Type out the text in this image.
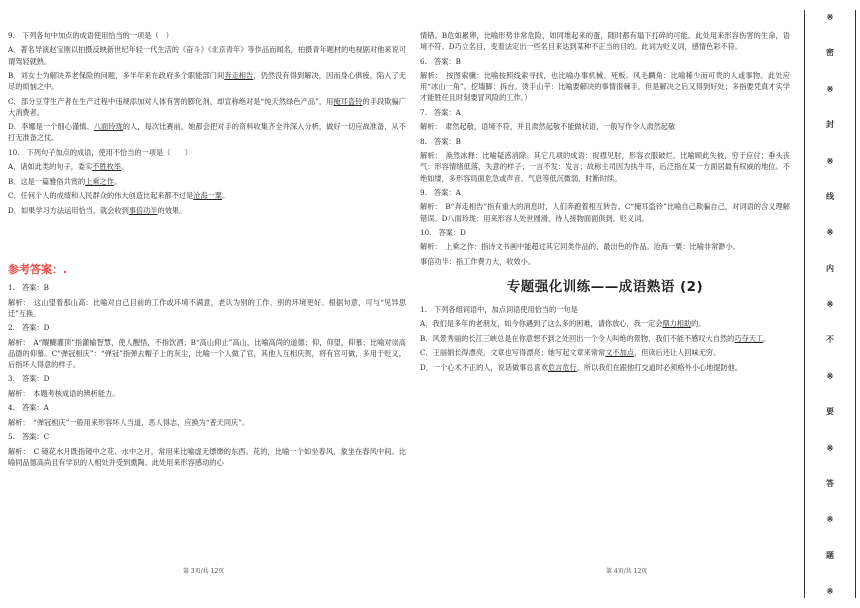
9.　下列各句中加点的成语使用恰当的一项是（　）

A．著名导演赵宝刚以拍摄反映新世纪年轻一代生活的《奋斗》《北京青年》等作品而闻名，拍摄青年题材的电视剧对他来说可谓驾轻就熟。

B．刘女士为解决养老保险的问题，多半年来在政府多个职能部门间奔走相告，仍然没有得到解决，因而身心俱疲，陷入了无尽的烦恼之中。

C．部分豆芽生产者在生产过程中违规添加对人体有害的膨化剂，却宣称绝对是“纯天然绿色产品”，用掩耳盗铃的手段欺骗广大消费者。

D．李娜是一个细心谨慎、八面玲珑的人，每次比赛前，她都会把对手的资料收集齐全并深入分析，做好一切应战准备，从不打无准备之仗。

10.　下列句子加点的成语，使用不恰当的一项是（　　）

A．诸如此类的句子，委实不胜枚举。

B．这是一篇雅俗共赏的上乘之作。

C．任何个人的成绩和人民群众的伟大创造比起来都不过是沧海一粟。

D．如果学习方法运用恰当，就会收到事倍功半的效果。

参考答案：.

1.　答案：B

解析：　这山望着那山高：比喻对自己目前的工作或环境不满意，老认为别的工作、别的环境更好。根据句意，可与“见异思迁”互换。

2.　答案：D

解析：　A“醍醐灌顶”指灌输智慧，使人醒悟，不指饮酒；B“高山仰止”高山，比喻高尚的道德；仰，仰望，仰慕；比喻对崇高品德的仰慕。C“弹冠相庆”：“弹冠”指弹去帽子上的灰尘，比喻一个人做了官，其他人互相庆贺，将有官可做，多用于贬义，后指坏人得意的样子。

3.　答案：D

解析：　本题考核成语的辨析能力。

4.　答案：A

解析：　“弹冠相庆”一般用来形容坏人当道，恶人得志，应换为“普天同庆”。

5.　答案：C

解析：　C 镜花水月既指镜中之花、水中之月，常用来比喻虚无缥缈的东西。花的，比喻一个如坐春风，象坐在春风中间。比喻同品德高尚且有学识的人相处并受到熏陶。此处用来形容感动的心

情错。B危如累卵，比喻形势非常危险，如同堆起来的蛋，随时都有塌下打碎的可能。此处用来形容伤害的生命，语境不符。D巧立名目，变着法定出一些名目来达到某种不正当的目的。此词为贬义词，感情色彩不符。

6.　答案：B

解析：　按图索骥：比喻按照线索寻找，也比喻办事机械、死板。风毛麟角：比喻稀少而可贵的人或事物。此处应用“冰山一角”。挖墙脚：拆台。烫手山芋：比喻要解决的事情很棘手，但是解决之后又得到好处；多指要凭真才实学才能胜任且时刻要冒风险的工作。）

7.　答案：A

解析：　肃然起敬，语境不符，并且肃然起敬不能做状语，一般写作令人肃然起敬

8.　答案：B

解析：　涣然冰释：比喻疑惑消除。其它几项的成语：捉襟见肘，形容衣服破烂。比喻顾此失彼，穷于应付；垂头丧气：形容情绪低落，失意的样子；一言不发：发言；故称主司因为执牛耳，后泛指在某一方面居最有权威的地位。不绝如缕，多形容局面危急或声音、气息等低沉微弱、时断时续。

9.　答案：A

解析：　B“奔走相告”指有重大的消息时，人们奔跑着相互转告。C“掩耳盗铃”比喻自己欺骗自己，对词语的含义理解错误。D八面玲珑：用来形容人处世圆滑，待人接物面面俱到。贬义词。

10.　答案：D

解析：　上乘之作：指诗文书画中能超过其它同类作品的、最出色的作品。沧海一粟：比喻非常渺小。

事倍功半：指工作费力大，收效小。

专题强化训练——成语熟语 (2)

1.　下列各组词语中，加点词语使用恰当的一句是

A．我们是多年的老朋友，如今你遇到了这么多的困难，请你放心，我一定会鼎力相助的。

B．风景秀丽的长江三峡总是在你意想不到之处回出一个令人叫绝的景物，我们不能不感叹大自然的巧夺天工。

C．王丽娟长得漂亮，文章也写得漂亮；她写起文章来常常文不加点，但读后还让人回味无穷。

D．一个心术不正的人，说话做事总喜欢危言危行，所以我们在跟他打交道时必须格外小心地提防他。

第 3页/共 12页	第 4页/共 12页
※
密
※
封
※
线
※
内
※
不
※
要
※
答
※
题
※
